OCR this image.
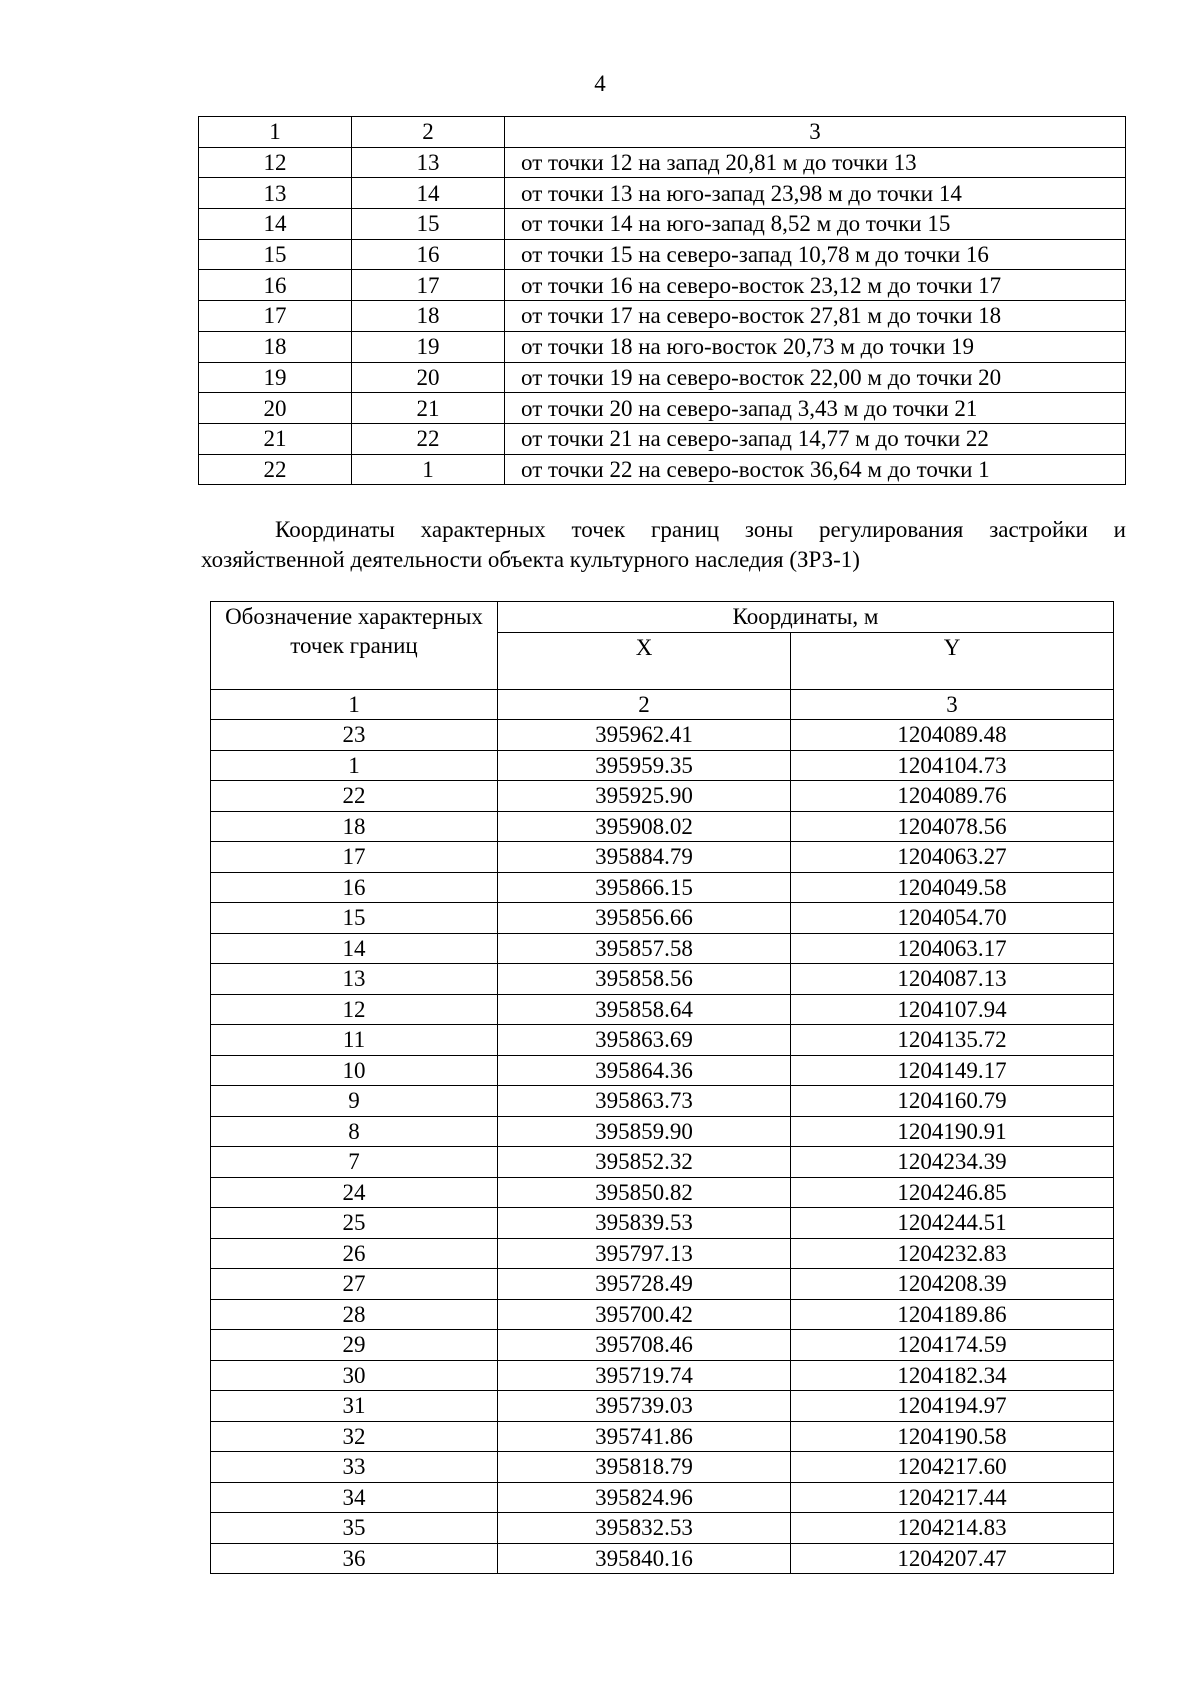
4
1	2	3
12	13	от точки 12 на запад 20,81 м до точки 13
13	14	от точки 13 на юго-запад 23,98 м до точки 14
14	15	от точки 14 на юго-запад 8,52 м до точки 15
15	16	от точки 15 на северо-запад 10,78 м до точки 16
16	17	от точки 16 на северо-восток 23,12 м до точки 17
17	18	от точки 17 на северо-восток 27,81 м до точки 18
18	19	от точки 18 на юго-восток 20,73 м до точки 19
19	20	от точки 19 на северо-восток 22,00 м до точки 20
20	21	от точки 20 на северо-запад 3,43 м до точки 21
21	22	от точки 21 на северо-запад 14,77 м до точки 22
22	1	от точки 22 на северо-восток 36,64 м до точки 1

Координаты характерных точек границ зоны регулирования застройки и хозяйственной деятельности объекта культурного наследия (ЗРЗ-1)

Обозначение характерных точек границ	Координаты, м	
	X	Y
1	2	3
23	395962.41	1204089.48
1	395959.35	1204104.73
22	395925.90	1204089.76
18	395908.02	1204078.56
17	395884.79	1204063.27
16	395866.15	1204049.58
15	395856.66	1204054.70
14	395857.58	1204063.17
13	395858.56	1204087.13
12	395858.64	1204107.94
11	395863.69	1204135.72
10	395864.36	1204149.17
9	395863.73	1204160.79
8	395859.90	1204190.91
7	395852.32	1204234.39
24	395850.82	1204246.85
25	395839.53	1204244.51
26	395797.13	1204232.83
27	395728.49	1204208.39
28	395700.42	1204189.86
29	395708.46	1204174.59
30	395719.74	1204182.34
31	395739.03	1204194.97
32	395741.86	1204190.58
33	395818.79	1204217.60
34	395824.96	1204217.44
35	395832.53	1204214.83
36	395840.16	1204207.47
